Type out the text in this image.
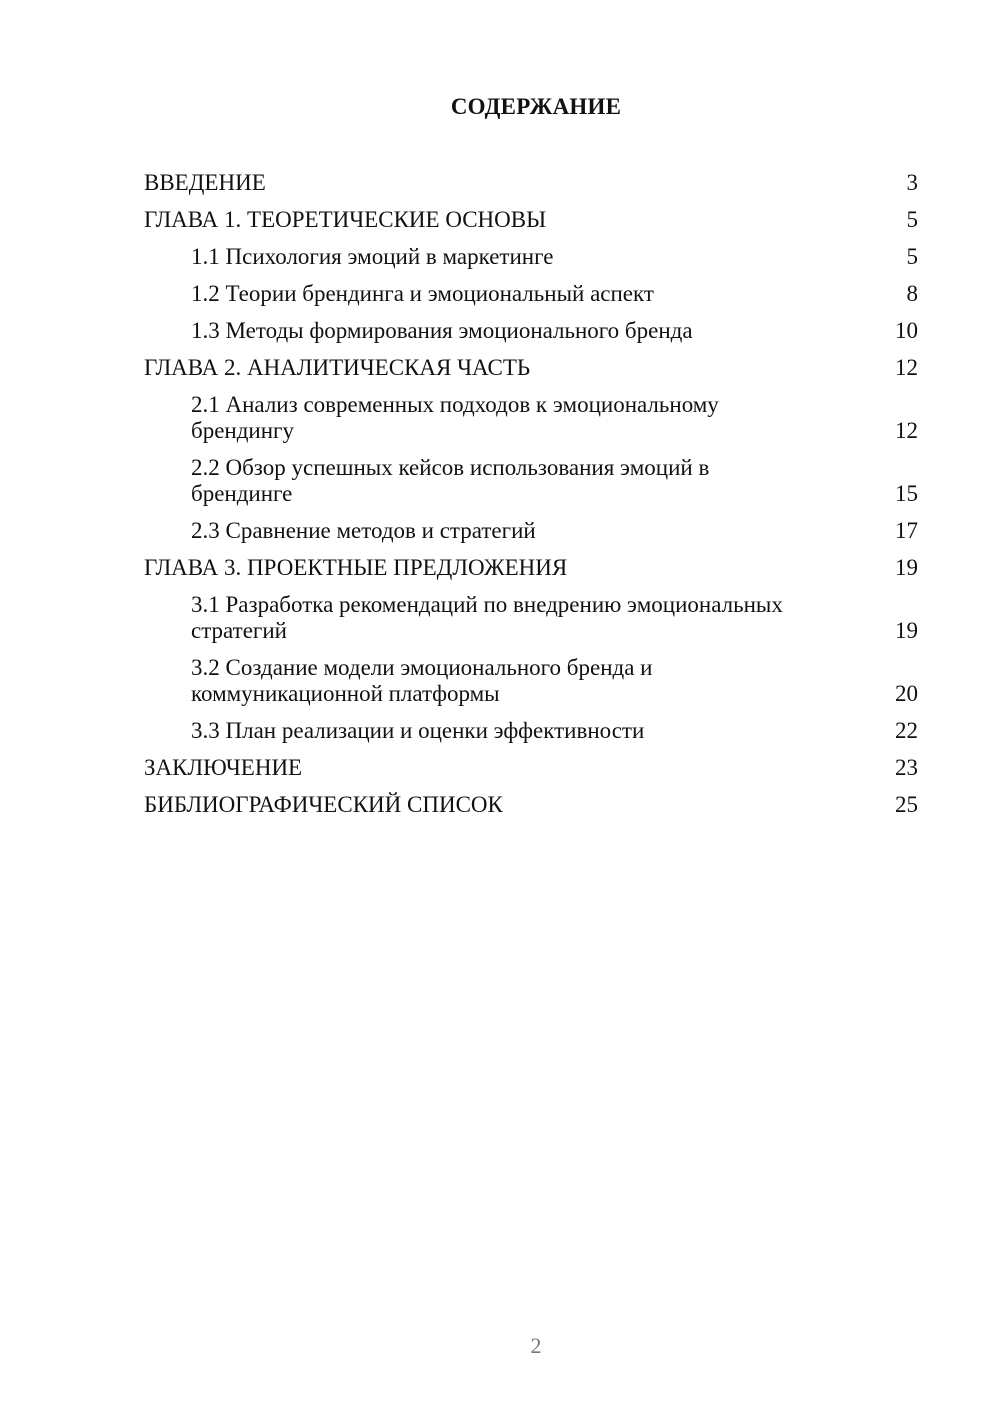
СОДЕРЖАНИЕ
ВВЕДЕНИЕ	3
ГЛАВА 1. ТЕОРЕТИЧЕСКИЕ ОСНОВЫ	5
1.1 Психология эмоций в маркетинге	5
1.2 Теории брендинга и эмоциональный аспект	8
1.3 Методы формирования эмоционального бренда	10
ГЛАВА 2. АНАЛИТИЧЕСКАЯ ЧАСТЬ	12
2.1 Анализ современных подходов к эмоциональному брендингу	12
2.2 Обзор успешных кейсов использования эмоций в брендинге	15
2.3 Сравнение методов и стратегий	17
ГЛАВА 3. ПРОЕКТНЫЕ ПРЕДЛОЖЕНИЯ	19
3.1 Разработка рекомендаций по внедрению эмоциональных стратегий	19
3.2 Создание модели эмоционального бренда и коммуникационной платформы	20
3.3 План реализации и оценки эффективности	22
ЗАКЛЮЧЕНИЕ	23
БИБЛИОГРАФИЧЕСКИЙ СПИСОК	25
2
